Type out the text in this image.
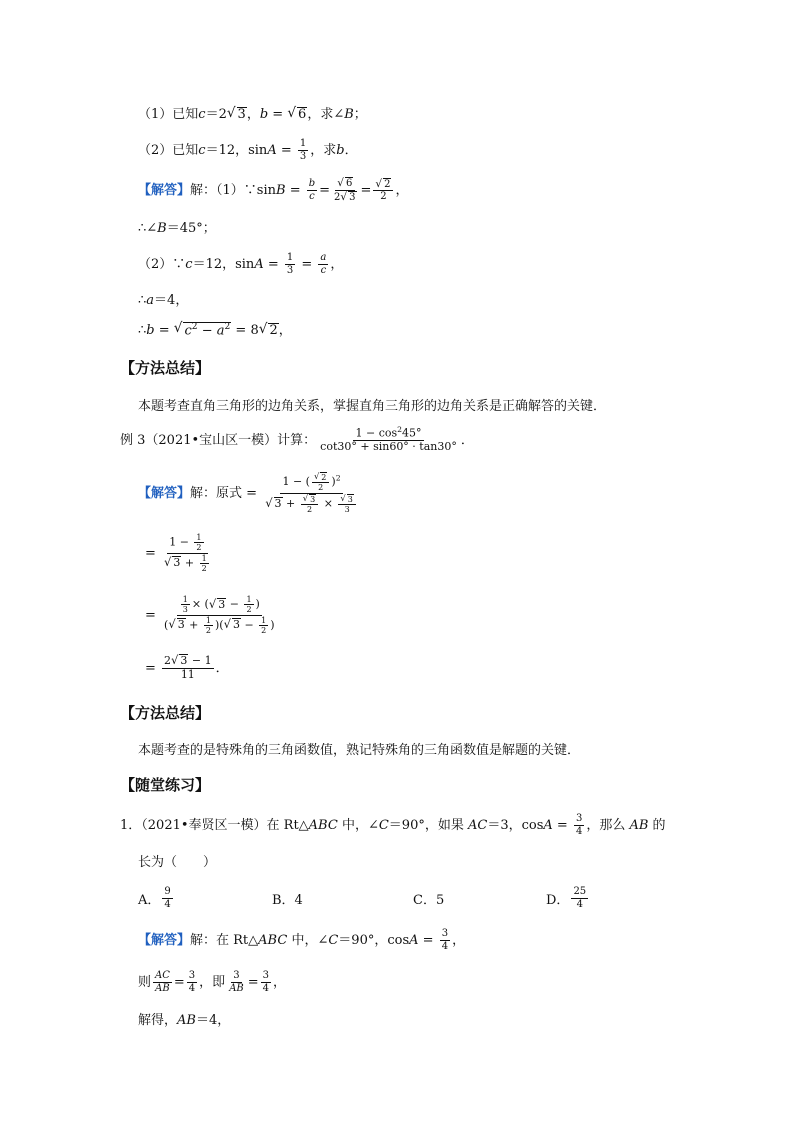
（1）已知 c ＝2 √ 3 ， b = √ 6 ，求∠ B ；
（2）已知 c ＝12，$\sin A = \frac{1}{3}$ ，求 b ．
【解答】 解：（1）∵sin $B = \frac{b}{c} = \frac{√ 6}{2 √ 3} = \frac{√ 2}{2}$ ，
∴∠ B ＝45°；
（2）∵ c ＝12，$\sin A = \frac{1}{3} = \frac{a}{c}$ ，
∴ a ＝4，
∴ b = √ $c^2 - a^2 = 8$ √ 2 ，
【方法总结】
本题考查直角三角形的边角关系，掌握直角三角形的边角关系是正确解答的关键．
例 3（2021•宝山区一模）计算： $\frac{1 - \cos^245^\circ}{\cot 30^\circ + \sin 60^\circ \cdot \tan 30^\circ}$ ．
【解答】 解：原式 = $\frac{1 - ( \frac{√ 2}{2} )^2}{√ 3 + \frac{√ 3}{2} \times \frac{√ 3}{3}}$
= $\frac{1 - \frac{1}{2}}{√ 3 + \frac{1}{2}}$
= $\frac{\frac{1}{3} \times ( √ 3 - \frac{1}{2} )}{( √ 3 + \frac{1}{2} )( √ 3 - \frac{1}{2} )}$
= $\frac{2 √ 3 - 1}{11}$ ．
【方法总结】
本题考查的是特殊角的三角函数值，熟记特殊角的三角函数值是解题的关键．
【随堂练习】
1．（2021•奉贤区一模）在 Rt△ ABC 中，∠ C ＝90°，如果 AC ＝3，$\cos A = \frac{3}{4}$ ，那么 AB 的
长为（　　）
A． $\frac{9}{4}$	B．4	C．5	D． $\frac{25}{4}$
【解答】 解：在 Rt△ ABC 中，∠ C ＝90°，$\cos A = \frac{3}{4}$ ，
则 $\frac{AC}{AB} = \frac{3}{4}$ ，即 $\frac{3}{AB} = \frac{3}{4}$ ，
解得， AB ＝4，
